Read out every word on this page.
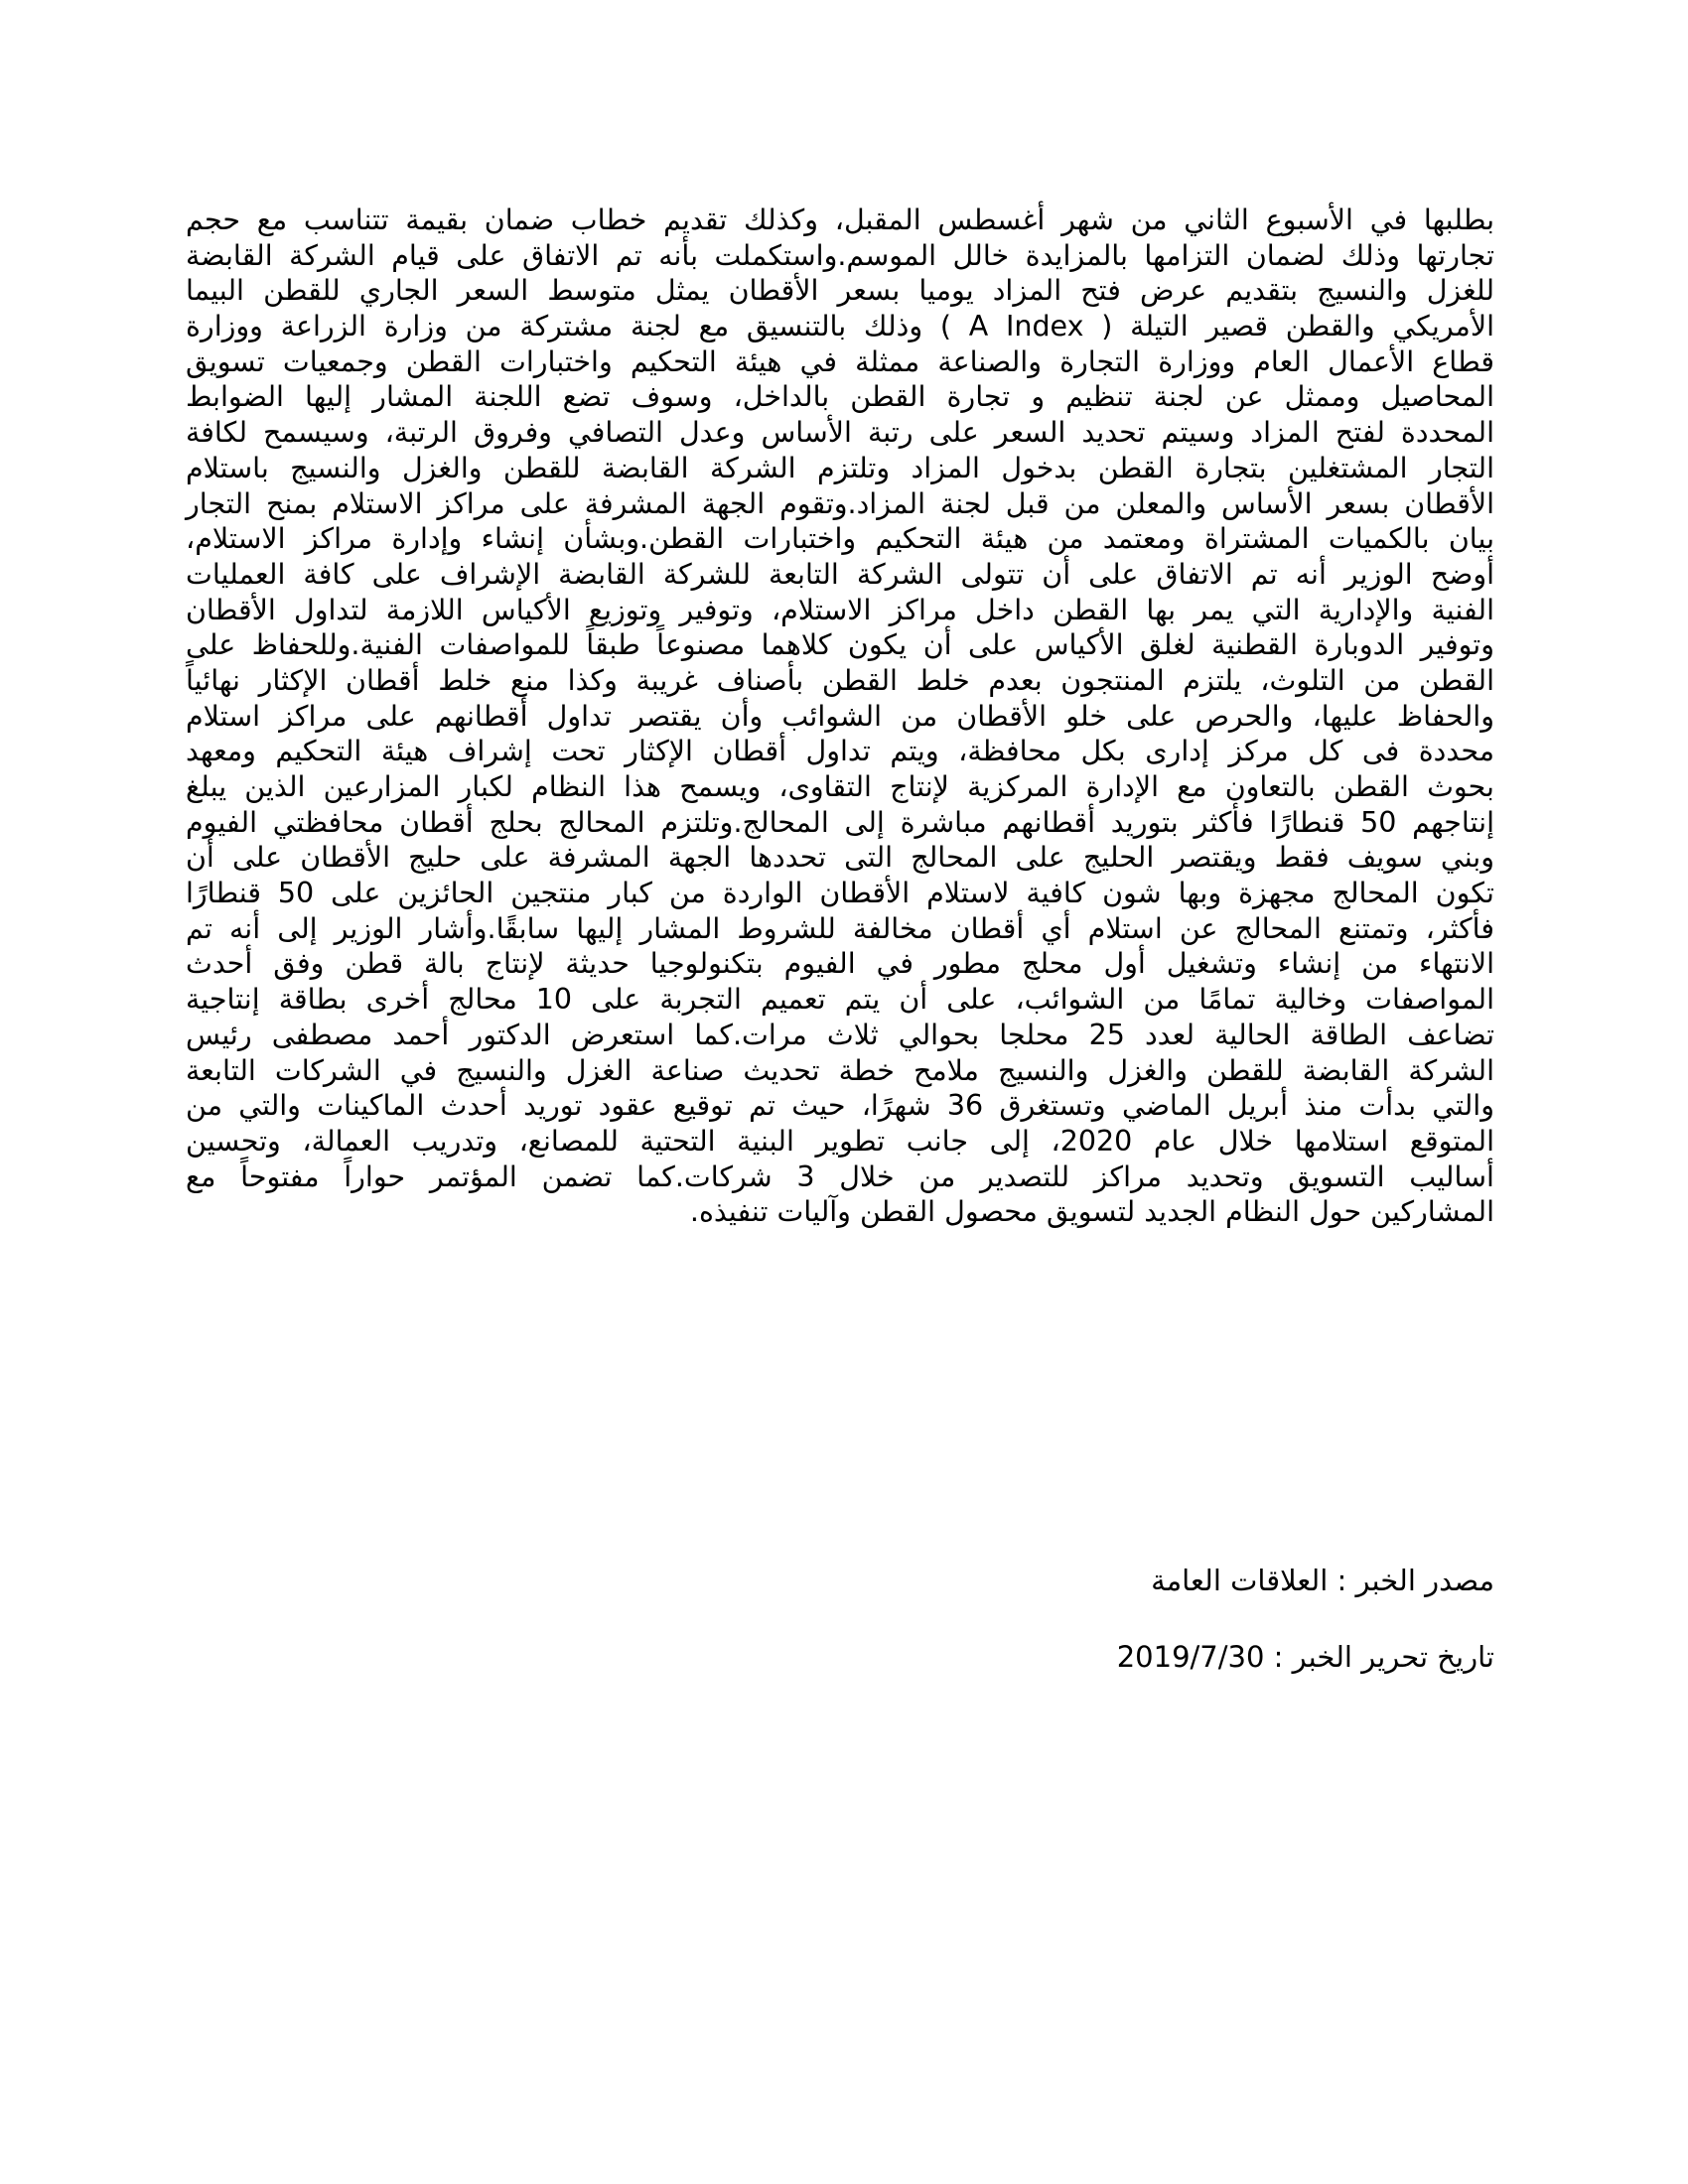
بطلبها في الأسبوع الثاني من شهر أغسطس المقبل، وكذلك تقديم خطاب ضمان بقيمة تتناسب مع حجم
تجارتها وذلك لضمان التزامها بالمزايدة خالل الموسم.واستكملت بأنه تم الاتفاق على قيام الشركة القابضة
للغزل والنسيج بتقديم عرض فتح المزاد يوميا بسعر الأقطان يمثل متوسط السعر الجاري للقطن البيما
الأمريكي والقطن قصير التيلة ( A Index ) وذلك بالتنسيق مع لجنة مشتركة من وزارة الزراعة ووزارة
قطاع الأعمال العام ووزارة التجارة والصناعة ممثلة في هيئة التحكيم واختبارات القطن وجمعيات تسويق
المحاصيل وممثل عن لجنة تنظيم و تجارة القطن بالداخل، وسوف تضع اللجنة المشار إليها الضوابط
المحددة لفتح المزاد وسيتم تحديد السعر على رتبة الأساس وعدل التصافي وفروق الرتبة، وسيسمح لكافة
التجار المشتغلين بتجارة القطن بدخول المزاد وتلتزم الشركة القابضة للقطن والغزل والنسيج باستلام
الأقطان بسعر الأساس والمعلن من قبل لجنة المزاد.وتقوم الجهة المشرفة على مراكز الاستلام بمنح التجار
بيان بالكميات المشتراة ومعتمد من هيئة التحكيم واختبارات القطن.وبشأن إنشاء وإدارة مراكز الاستلام،
أوضح الوزير أنه تم الاتفاق على أن تتولى الشركة التابعة للشركة القابضة الإشراف على كافة العمليات
الفنية والإدارية التي يمر بها القطن داخل مراكز الاستلام، وتوفير وتوزيع الأكياس اللازمة لتداول الأقطان
وتوفير الدوبارة القطنية لغلق الأكياس على أن يكون كلاهما مصنوعاً طبقاً للمواصفات الفنية.وللحفاظ على
القطن من التلوث، يلتزم المنتجون بعدم خلط القطن بأصناف غريبة وكذا منع خلط أقطان الإكثار نهائياً
والحفاظ عليها، والحرص على خلو الأقطان من الشوائب وأن يقتصر تداول أقطانهم على مراكز استلام
محددة فى كل مركز إدارى بكل محافظة، ويتم تداول أقطان الإكثار تحت إشراف هيئة التحكيم ومعهد
بحوث القطن بالتعاون مع الإدارة المركزية لإنتاج التقاوى، ويسمح هذا النظام لكبار المزارعين الذين يبلغ
إنتاجهم 50 قنطارًا فأكثر بتوريد أقطانهم مباشرة إلى المحالج.وتلتزم المحالج بحلج أقطان محافظتي الفيوم
وبني سويف فقط ويقتصر الحليج على المحالج التى تحددها الجهة المشرفة على حليج الأقطان على أن
تكون المحالج مجهزة وبها شون كافية لاستلام الأقطان الواردة من كبار منتجين الحائزين على 50 قنطارًا
فأكثر، وتمتنع المحالج عن استلام أي أقطان مخالفة للشروط المشار إليها سابقًا.وأشار الوزير إلى أنه تم
الانتهاء من إنشاء وتشغيل أول محلج مطور في الفيوم بتكنولوجيا حديثة لإنتاج بالة قطن وفق أحدث
المواصفات وخالية تمامًا من الشوائب، على أن يتم تعميم التجربة على 10 محالج أخرى بطاقة إنتاجية
تضاعف الطاقة الحالية لعدد 25 محلجا بحوالي ثلاث مرات.كما استعرض الدكتور أحمد مصطفى رئيس
الشركة القابضة للقطن والغزل والنسيج ملامح خطة تحديث صناعة الغزل والنسيج في الشركات التابعة
والتي بدأت منذ أبريل الماضي وتستغرق 36 شهرًا، حيث تم توقيع عقود توريد أحدث الماكينات والتي من
المتوقع استلامها خلال عام 2020، إلى جانب تطوير البنية التحتية للمصانع، وتدريب العمالة، وتحسين
أساليب التسويق وتحديد مراكز للتصدير من خلال 3 شركات.كما تضمن المؤتمر حواراً مفتوحاً مع
المشاركين حول النظام الجديد لتسويق محصول القطن وآليات تنفيذه.
مصدر الخبر : العلاقات العامة
تاريخ تحرير الخبر : 2019/7/30
